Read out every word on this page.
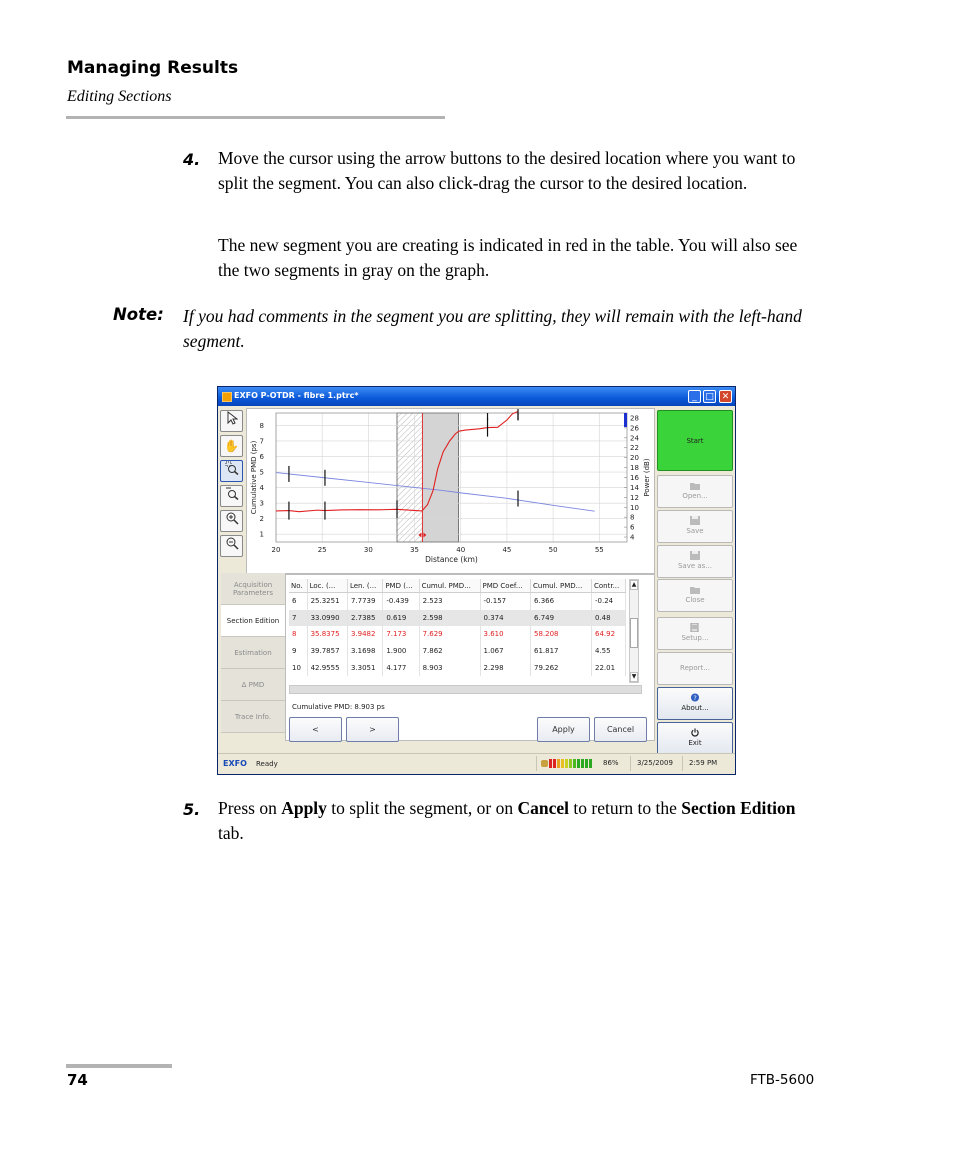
Managing Results
Editing Sections
4. Move the cursor using the arrow buttons to the desired location where you want to split the segment. You can also click-drag the cursor to the desired location.
The new segment you are creating is indicated in red in the table. You will also see the two segments in gray on the graph.
Note: If you had comments in the segment you are splitting, they will remain with the left-hand segment.
EXFO P-OTDR - fibre 1.ptrc*	_ □ ✕
✋
20	25	30	35	40	45	50	55
1
2
3
4
5
6
7
8
4
6
8
10
12
14
16
18
20
22
24
26
28
Distance (km)
Cumulative PMD (ps)	Power (dB)
Start
Open...
Save
Save as...
Close
Setup...
Report...
?
About...
Exit
Acquisition Parameters
Section Edition
Estimation
Δ PMD
Trace Info.
No.	Loc. (...	Len. (...	PMD (...	Cumul. PMD...	PMD Coef...	Cumul. PMD...	Contr...
6	25.3251	7.7739	-0.439	2.523	-0.157	6.366	-0.24
7	33.0990	2.7385	0.619	2.598	0.374	6.749	0.48
8	35.8375	3.9482	7.173	7.629	3.610	58.208	64.92
9	39.7857	3.1698	1.900	7.862	1.067	61.817	4.55
10	42.9555	3.3051	4.177	8.903	2.298	79.262	22.01
▲
▼
Cumulative PMD: 8.903 ps
<	>	Apply	Cancel
EXFO Ready	86%	3/25/2009	2:59 PM
5. Press on Apply to split the segment, or on Cancel to return to the Section Edition tab.
74	FTB-5600
